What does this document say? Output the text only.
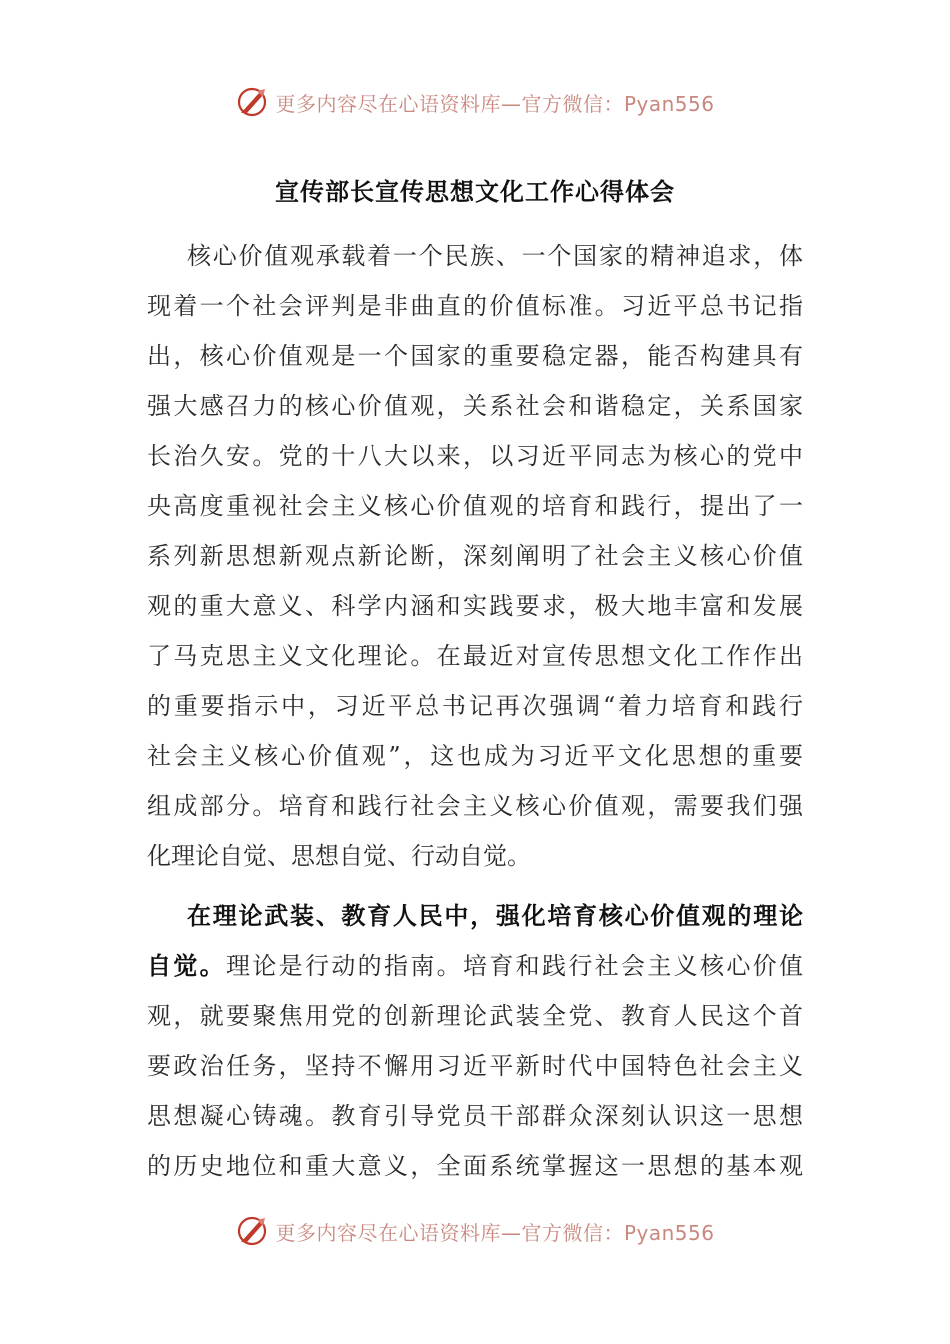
更多内容尽在心语资料库—官方微信：Pyan556
宣传部长宣传思想文化工作心得体会
核心价值观承载着一个民族、一个国家的精神追求，体
现着一个社会评判是非曲直的价值标准。习近平总书记指
出，核心价值观是一个国家的重要稳定器，能否构建具有
强大感召力的核心价值观，关系社会和谐稳定，关系国家
长治久安。党的十八大以来，以习近平同志为核心的党中
央高度重视社会主义核心价值观的培育和践行，提出了一
系列新思想新观点新论断，深刻阐明了社会主义核心价值
观的重大意义、科学内涵和实践要求，极大地丰富和发展
了马克思主义文化理论。在最近对宣传思想文化工作作出
的重要指示中，习近平总书记再次强调“着力培育和践行
社会主义核心价值观”，这也成为习近平文化思想的重要
组成部分。培育和践行社会主义核心价值观，需要我们强
化理论自觉、思想自觉、行动自觉。
在理论武装、教育人民中，强化培育核心价值观的理论
自觉。理论是行动的指南。培育和践行社会主义核心价值
观，就要聚焦用党的创新理论武装全党、教育人民这个首
要政治任务，坚持不懈用习近平新时代中国特色社会主义
思想凝心铸魂。教育引导党员干部群众深刻认识这一思想
的历史地位和重大意义，全面系统掌握这一思想的基本观
更多内容尽在心语资料库—官方微信：Pyan556
